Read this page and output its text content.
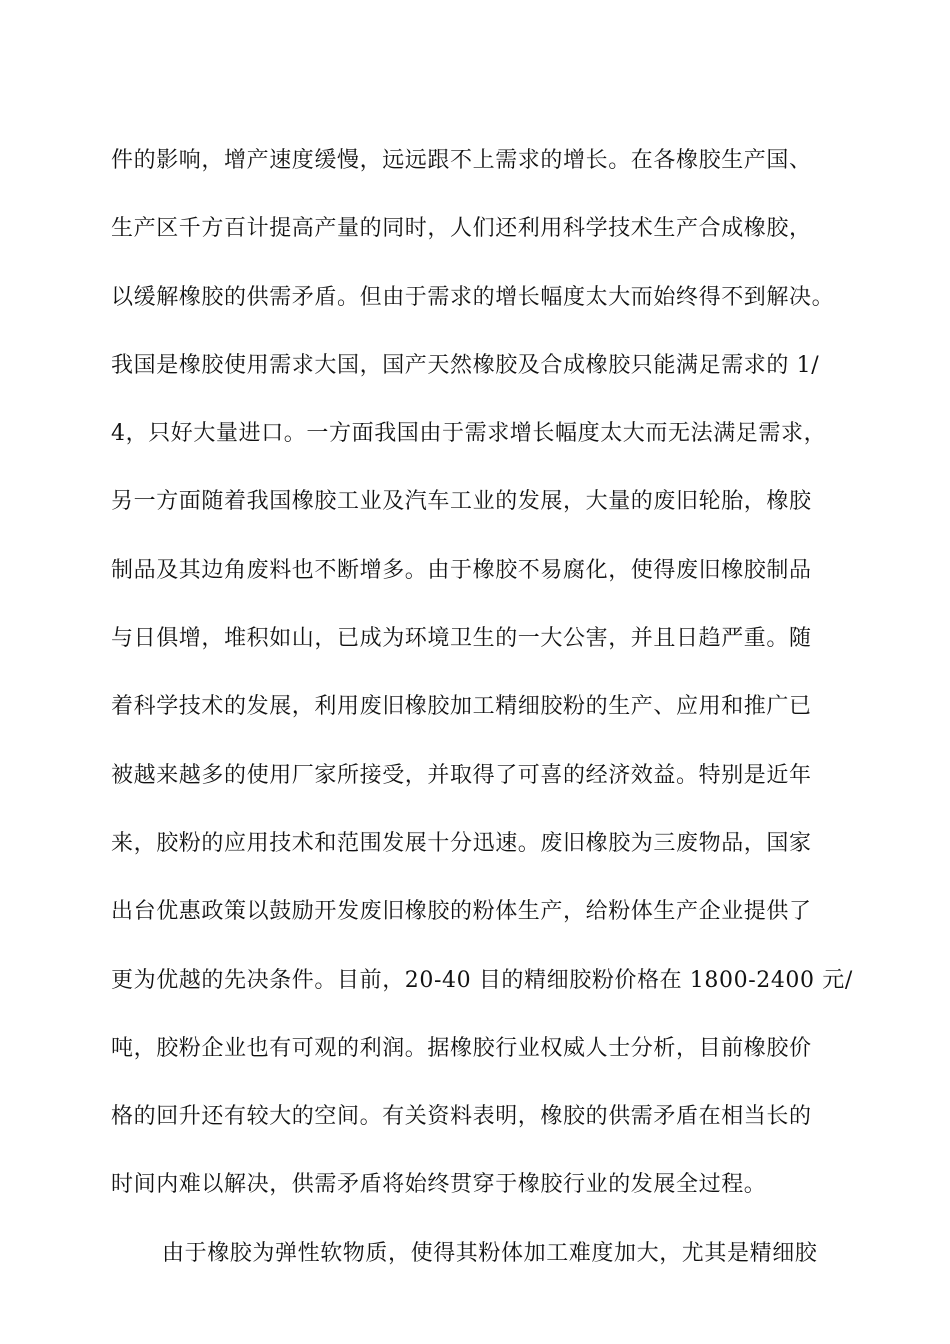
件的影响，增产速度缓慢，远远跟不上需求的增长。在各橡胶生产国、
生产区千方百计提高产量的同时，人们还利用科学技术生产合成橡胶，
以缓解橡胶的供需矛盾。但由于需求的增长幅度太大而始终得不到解决。
我国是橡胶使用需求大国，国产天然橡胶及合成橡胶只能满足需求的 1/
4，只好大量进口。一方面我国由于需求增长幅度太大而无法满足需求，
另一方面随着我国橡胶工业及汽车工业的发展，大量的废旧轮胎，橡胶
制品及其边角废料也不断增多。由于橡胶不易腐化，使得废旧橡胶制品
与日俱增，堆积如山，已成为环境卫生的一大公害，并且日趋严重。随
着科学技术的发展，利用废旧橡胶加工精细胶粉的生产、应用和推广已
被越来越多的使用厂家所接受，并取得了可喜的经济效益。特别是近年
来，胶粉的应用技术和范围发展十分迅速。废旧橡胶为三废物品，国家
出台优惠政策以鼓励开发废旧橡胶的粉体生产，给粉体生产企业提供了
更为优越的先决条件。目前，20-40 目的精细胶粉价格在 1800-2400 元/
吨，胶粉企业也有可观的利润。据橡胶行业权威人士分析，目前橡胶价
格的回升还有较大的空间。有关资料表明，橡胶的供需矛盾在相当长的
时间内难以解决，供需矛盾将始终贯穿于橡胶行业的发展全过程。
由于橡胶为弹性软物质，使得其粉体加工难度加大，尤其是精细胶
